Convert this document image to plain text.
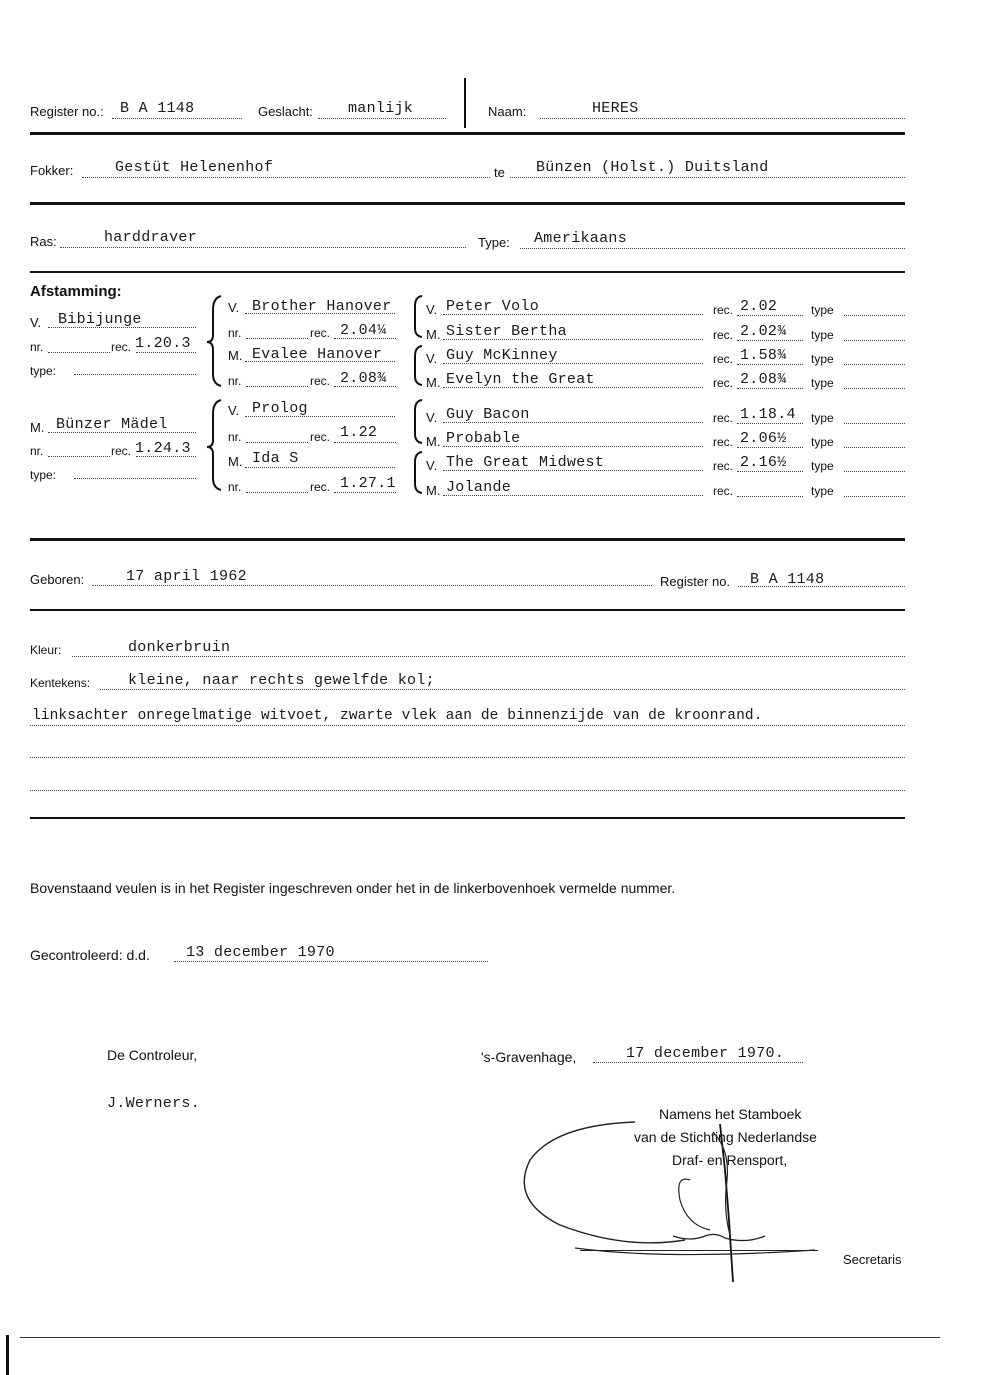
Register no.: B A 1148	Geslacht: manlijk	Naam:	HERES
Fokker:	Gestüt Helenenhof	te Bünzen (Holst.) Duitsland
Ras:	harddraver	Type: Amerikaans
Afstamming:
V. Bibijunge
nr.	rec. 1.20.3
type:
M. Bünzer Mädel
nr.	rec. 1.24.3
type:
V. Brother Hanover
nr.	rec. 2.04¼
M. Evalee Hanover
nr.	rec. 2.08¾
V. Prolog
nr.	rec. 1.22
M. Ida S
nr.	rec. 1.27.1
V. Peter Volo	rec. 2.02	type
M. Sister Bertha	rec. 2.02¾ type
V. Guy McKinney	rec. 1.58¾ type
M. Evelyn the Great	rec. 2.08¾ type
V. Guy Bacon	rec. 1.18.4 type
M. Probable	rec. 2.06½ type
V. The Great Midwest	rec. 2.16½ type
M. Jolande	rec.	type
Geboren:	17 april 1962	Register no. B A 1148
Kleur:	donkerbruin
Kentekens:	kleine, naar rechts gewelfde kol;
linksachter onregelmatige witvoet, zwarte vlek aan de binnenzijde van de kroonrand.
Bovenstaand veulen is in het Register ingeschreven onder het in de linkerbovenhoek vermelde nummer.
Gecontroleerd: d.d. 13 december 1970
De Controleur,
J.Werners.
's-Gravenhage,	17 december 1970.
Namens het Stamboek
van de Stichting Nederlandse
Draf- en Rensport,
Secretaris
